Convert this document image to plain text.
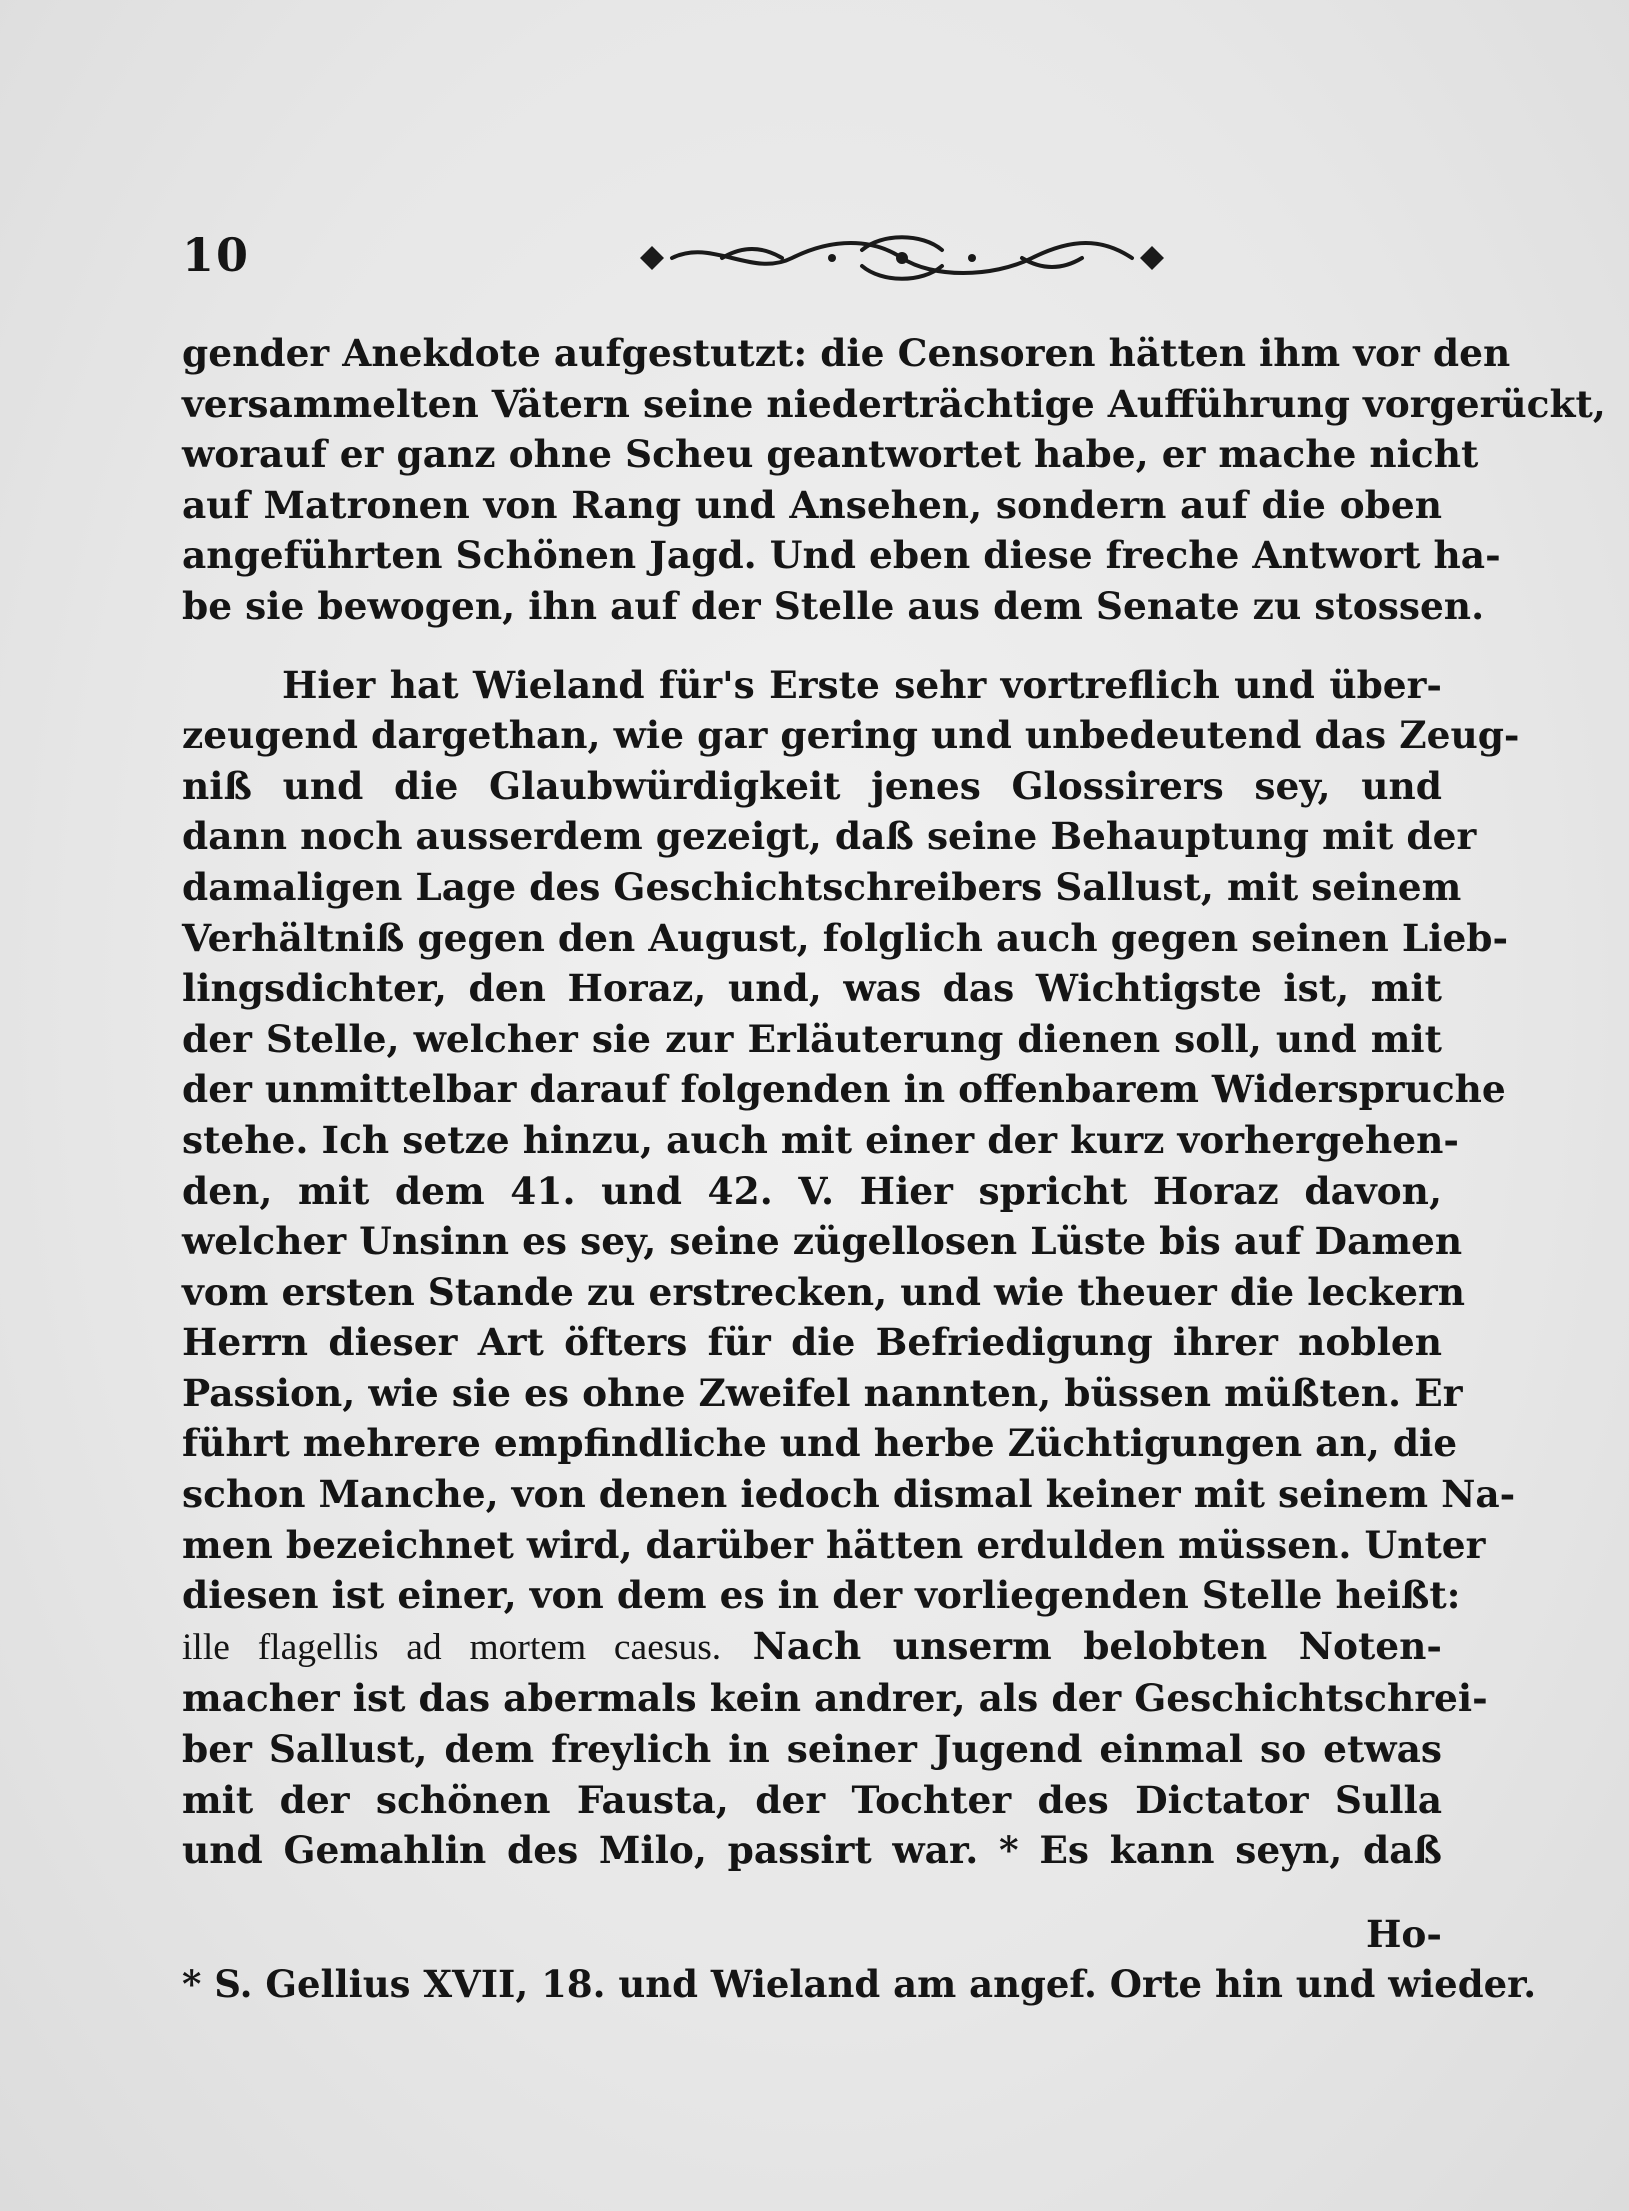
10

gender Anekdote aufgestutzt: die Censoren hätten ihm vor den
versammelten Vätern seine niederträchtige Aufführung vorgerückt,
worauf er ganz ohne Scheu geantwortet habe, er mache nicht
auf Matronen von Rang und Ansehen, sondern auf die oben
angeführten Schönen Jagd. Und eben diese freche Antwort ha-
be sie bewogen, ihn auf der Stelle aus dem Senate zu stossen.

Hier hat Wieland für's Erste sehr vortreflich und über-
zeugend dargethan, wie gar gering und unbedeutend das Zeug-
niß und die Glaubwürdigkeit jenes Glossirers sey, und
dann noch ausserdem gezeigt, daß seine Behauptung mit der
damaligen Lage des Geschichtschreibers Sallust, mit seinem
Verhältniß gegen den August, folglich auch gegen seinen Lieb-
lingsdichter, den Horaz, und, was das Wichtigste ist, mit
der Stelle, welcher sie zur Erläuterung dienen soll, und mit
der unmittelbar darauf folgenden in offenbarem Widerspruche
stehe. Ich setze hinzu, auch mit einer der kurz vorhergehen-
den, mit dem 41. und 42. V. Hier spricht Horaz davon,
welcher Unsinn es sey, seine zügellosen Lüste bis auf Damen
vom ersten Stande zu erstrecken, und wie theuer die leckern
Herrn dieser Art öfters für die Befriedigung ihrer noblen
Passion, wie sie es ohne Zweifel nannten, büssen müßten. Er
führt mehrere empfindliche und herbe Züchtigungen an, die
schon Manche, von denen iedoch dismal keiner mit seinem Na-
men bezeichnet wird, darüber hätten erdulden müssen. Unter
diesen ist einer, von dem es in der vorliegenden Stelle heißt:
ille flagellis ad mortem caesus. Nach unserm belobten Noten-
macher ist das abermals kein andrer, als der Geschichtschrei-
ber Sallust, dem freylich in seiner Jugend einmal so etwas
mit der schönen Fausta, der Tochter des Dictator Sulla
und Gemahlin des Milo, passirt war. * Es kann seyn, daß

Ho-
* S. Gellius XVII, 18. und Wieland am angef. Orte hin und wieder.
